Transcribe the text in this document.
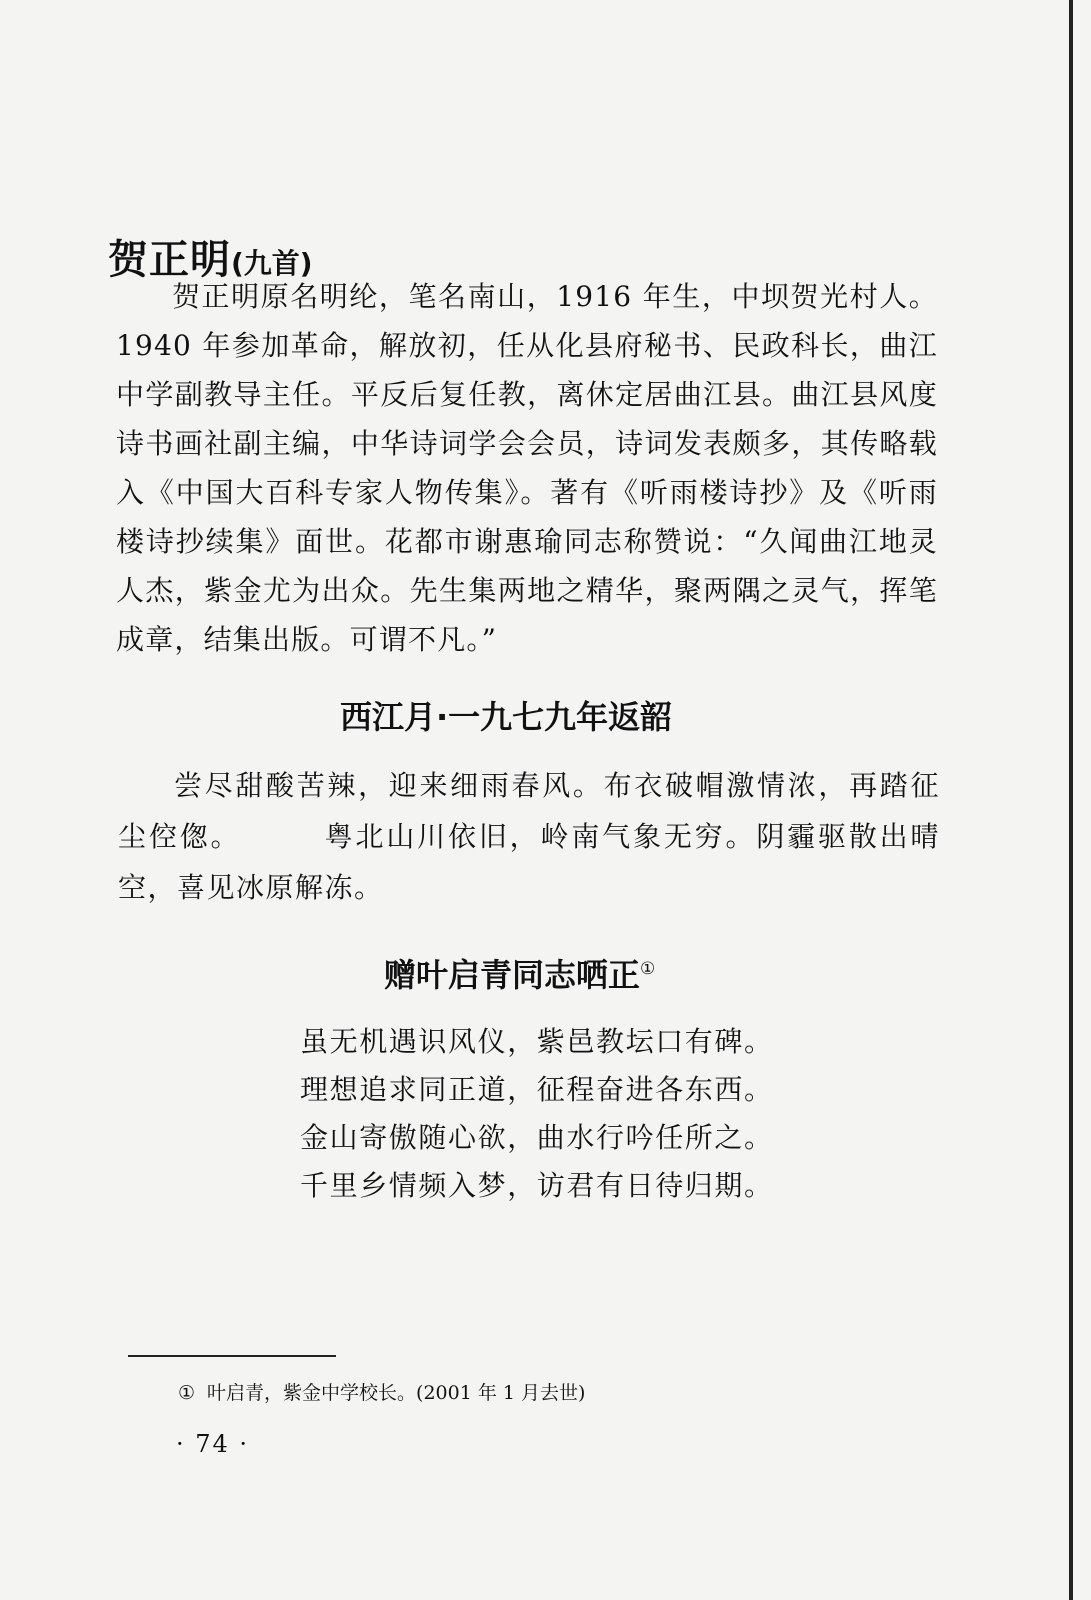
贺正明(九首)
贺正明原名明纶，笔名南山，1916 年生，中坝贺光村人。1940 年参加革命，解放初，任从化县府秘书、民政科长，曲江中学副教导主任。平反后复任教，离休定居曲江县。曲江县风度诗书画社副主编，中华诗词学会会员，诗词发表颇多，其传略载入《中国大百科专家人物传集》。著有《听雨楼诗抄》及《听雨楼诗抄续集》面世。花都市谢惠瑜同志称赞说：“久闻曲江地灵人杰，紫金尤为出众。先生集两地之精华，聚两隅之灵气，挥笔成章，结集出版。可谓不凡。”
西江月·一九七九年返韶
尝尽甜酸苦辣，迎来细雨春风。布衣破帽激情浓，再踏征尘倥偬。	粤北山川依旧，岭南气象无穷。阴霾驱散出晴空，喜见冰原解冻。
赠叶启青同志哂正①
虽无机遇识风仪，紫邑教坛口有碑。
理想追求同正道，征程奋进各东西。
金山寄傲随心欲，曲水行吟任所之。
千里乡情频入梦，访君有日待归期。
① 叶启青，紫金中学校长。(2001 年 1 月去世)
· 74 ·
